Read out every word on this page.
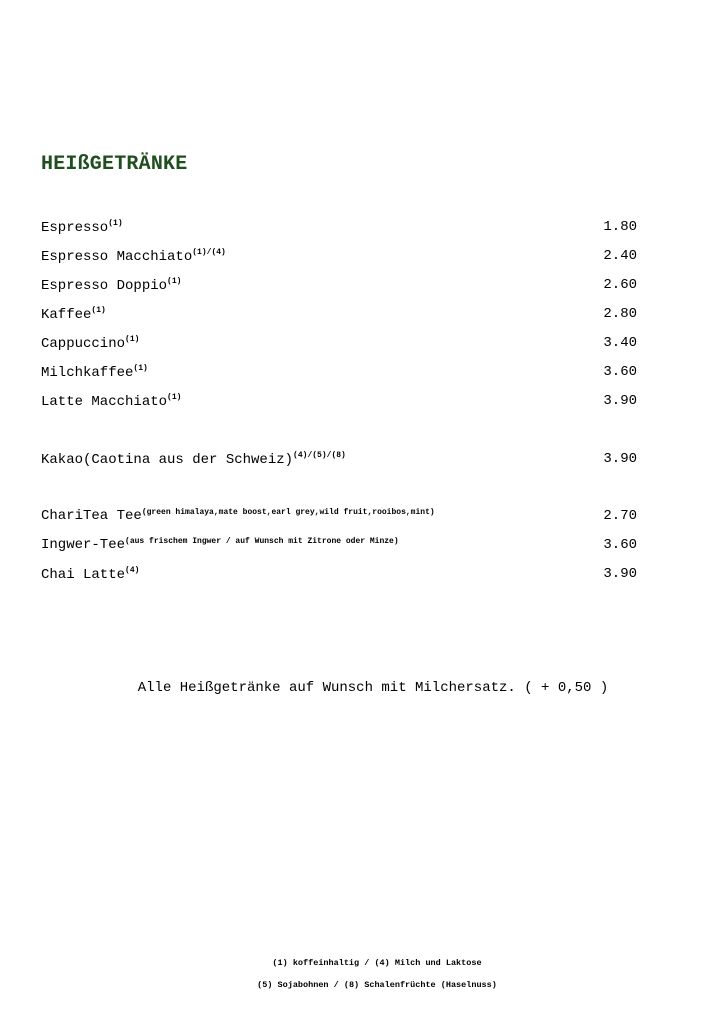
HEIßGETRÄNKE
Espresso$^{(1)}$	1.80
Espresso Macchiato$^{(1)/(4)}$	2.40
Espresso Doppio$^{(1)}$	2.60
Kaffee$^{(1)}$	2.80
Cappuccino$^{(1)}$	3.40
Milchkaffee$^{(1)}$	3.60
Latte Macchiato$^{(1)}$	3.90
Kakao(Caotina aus der Schweiz)$^{(4)/(5)/(8)}$	3.90
ChariTea Tee$^{(green himalaya,mate boost,earl grey,wild fruit,rooibos,mint)}$	2.70
Ingwer-Tee$^{(aus frischem Ingwer / auf Wunsch mit Zitrone oder Minze)}$	3.60
Chai Latte$^{(4)}$	3.90
Alle Heißgetränke auf Wunsch mit Milchersatz. ( + 0,50 )
(1) koffeinhaltig / (4) Milch und Laktose
(5) Sojabohnen / (8) Schalenfrüchte (Haselnuss)
